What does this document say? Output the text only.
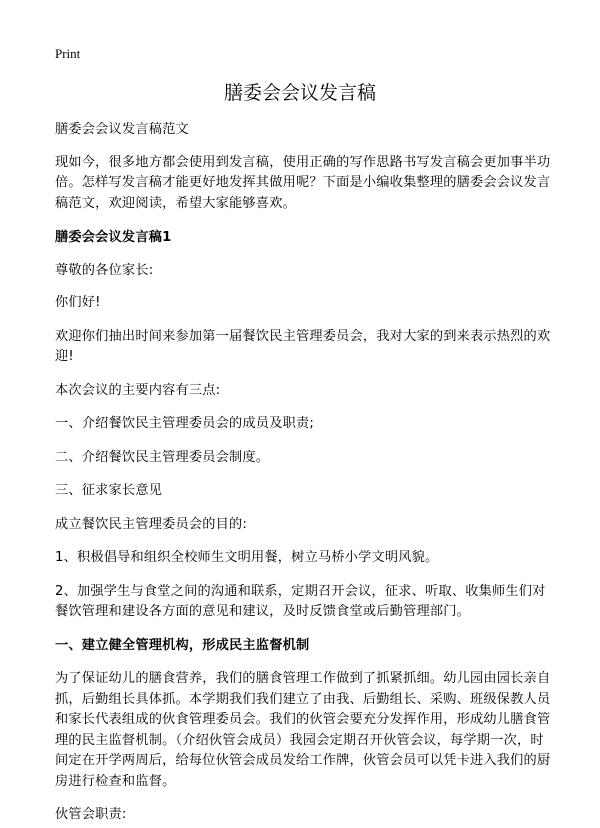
Print
膳委会会议发言稿

膳委会会议发言稿范文

现如今，很多地方都会使用到发言稿，使用正确的写作思路书写发言稿会更加事半功倍。怎样写发言稿才能更好地发挥其做用呢？下面是小编收集整理的膳委会会议发言稿范文，欢迎阅读，希望大家能够喜欢。

膳委会会议发言稿1

尊敬的各位家长:

你们好!

欢迎你们抽出时间来参加第一届餐饮民主管理委员会，我对大家的到来表示热烈的欢迎!

本次会议的主要内容有三点:

一、介绍餐饮民主管理委员会的成员及职责;

二、介绍餐饮民主管理委员会制度。

三、征求家长意见

成立餐饮民主管理委员会的目的:

1、积极倡导和组织全校师生文明用餐，树立马桥小学文明风貌。

2、加强学生与食堂之间的沟通和联系，定期召开会议，征求、听取、收集师生们对餐饮管理和建设各方面的意见和建议，及时反馈食堂或后勤管理部门。

一、建立健全管理机构，形成民主监督机制

为了保证幼儿的膳食营养，我们的膳食管理工作做到了抓紧抓细。幼儿园由园长亲自抓，后勤组长具体抓。本学期我们我们建立了由我、后勤组长、采购、班级保教人员和家长代表组成的伙食管理委员会。我们的伙管会要充分发挥作用，形成幼儿膳食管理的民主监督机制。（介绍伙管会成员）我园会定期召开伙管会议，每学期一次，时间定在开学两周后，给每位伙管会成员发给工作牌，伙管会员可以凭卡进入我们的厨房进行检查和监督。

伙管会职责:
